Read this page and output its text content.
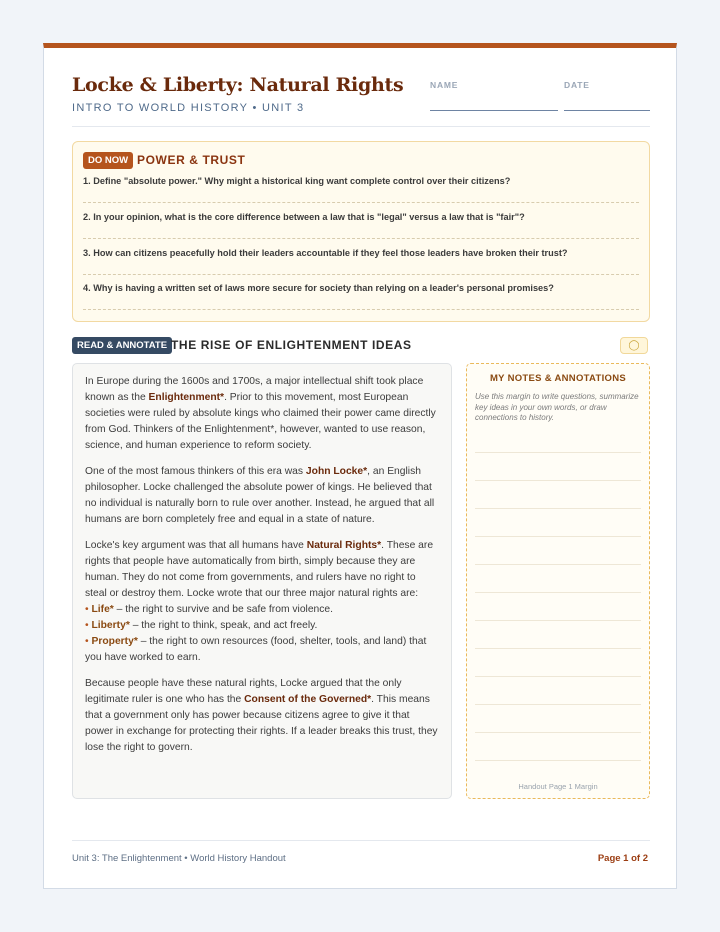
Locke & Liberty: Natural Rights
INTRO TO WORLD HISTORY • UNIT 3
NAME	DATE
DO NOW POWER & TRUST
1. Define "absolute power." Why might a historical king want complete control over their citizens?
2. In your opinion, what is the core difference between a law that is "legal" versus a law that is "fair"?
3. How can citizens peacefully hold their leaders accountable if they feel those leaders have broken their trust?
4. Why is having a written set of laws more secure for society than relying on a leader's personal promises?
READ & ANNOTATE THE RISE OF ENLIGHTENMENT IDEAS	◯

In Europe during the 1600s and 1700s, a major intellectual shift took place known as the Enlightenment*. Prior to this movement, most European societies were ruled by absolute kings who claimed their power came directly from God. Thinkers of the Enlightenment*, however, wanted to use reason, science, and human experience to reform society.

One of the most famous thinkers of this era was John Locke*, an English philosopher. Locke challenged the absolute power of kings. He believed that no individual is naturally born to rule over another. Instead, he argued that all humans are born completely free and equal in a state of nature.

Locke's key argument was that all humans have Natural Rights*. These are rights that people have automatically from birth, simply because they are human. They do not come from governments, and rulers have no right to steal or destroy them. Locke wrote that our three major natural rights are:
• Life* – the right to survive and be safe from violence.
• Liberty* – the right to think, speak, and act freely.
• Property* – the right to own resources (food, shelter, tools, and land) that you have worked to earn.

Because people have these natural rights, Locke argued that the only legitimate ruler is one who has the Consent of the Governed*. This means that a government only has power because citizens agree to give it that power in exchange for protecting their rights. If a leader breaks this trust, they lose the right to govern.

MY NOTES & ANNOTATIONS
Use this margin to write questions, summarize key ideas in your own words, or draw connections to history.
Handout Page 1 Margin
Unit 3: The Enlightenment • World History Handout	Page 1 of 2
